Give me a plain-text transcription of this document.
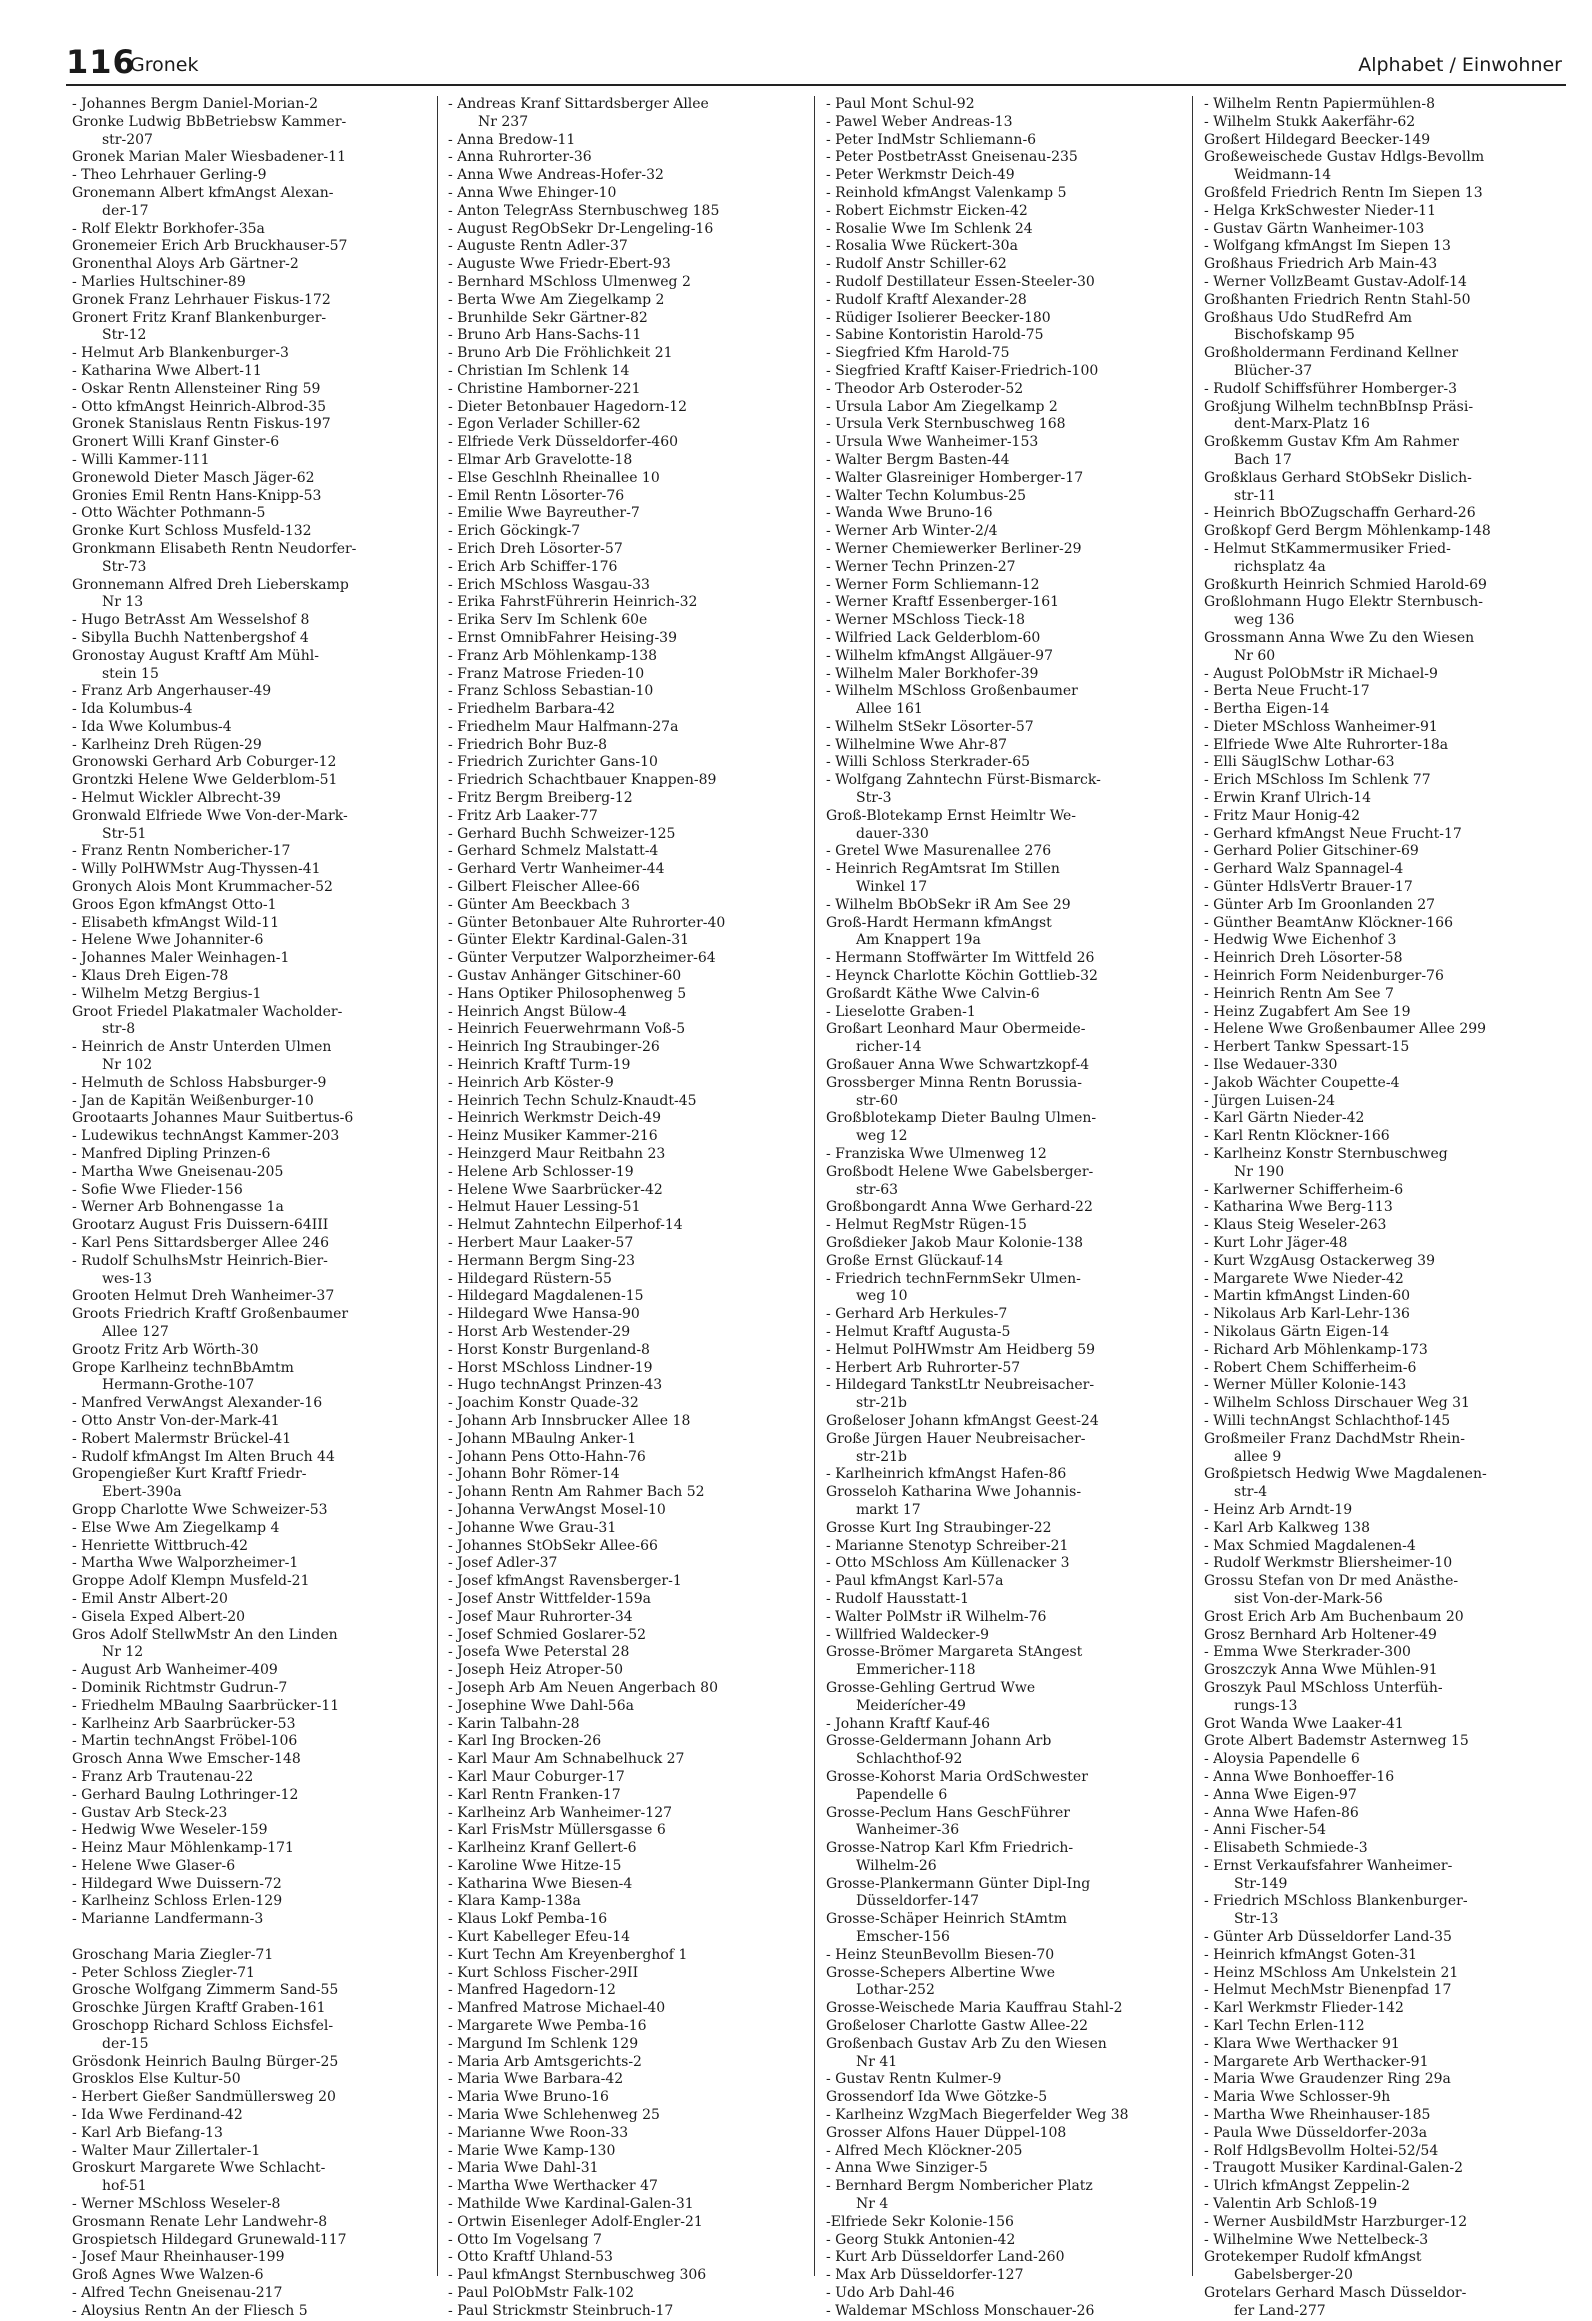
116
Gronek	Alphabet / Einwohner
- Johannes Bergm Daniel-Morian-2
Gronke Ludwig BbBetriebsw Kammer-
str-207
Gronek Marian Maler Wiesbadener-11
- Theo Lehrhauer Gerling-9
Gronemann Albert kfmAngst Alexan-
der-17
- Rolf Elektr Borkhofer-35a
Gronemeier Erich Arb Bruckhauser-57
Gronenthal Aloys Arb Gärtner-2
- Marlies Hultschiner-89
Gronek Franz Lehrhauer Fiskus-172
Gronert Fritz Kranf Blankenburger-
Str-12
- Helmut Arb Blankenburger-3
- Katharina Wwe Albert-11
- Oskar Rentn Allensteiner Ring 59
- Otto kfmAngst Heinrich-Albrod-35
Gronek Stanislaus Rentn Fiskus-197
Gronert Willi Kranf Ginster-6
- Willi Kammer-111
Gronewold Dieter Masch Jäger-62
Gronies Emil Rentn Hans-Knipp-53
- Otto Wächter Pothmann-5
Gronke Kurt Schloss Musfeld-132
Gronkmann Elisabeth Rentn Neudorfer-
Str-73
Gronnemann Alfred Dreh Lieberskamp
Nr 13
- Hugo BetrAsst Am Wesselshof 8
- Sibylla Buchh Nattenbergshof 4
Gronostay August Kraftf Am Mühl-
stein 15
- Franz Arb Angerhauser-49
- Ida Kolumbus-4
- Ida Wwe Kolumbus-4
- Karlheinz Dreh Rügen-29
Gronowski Gerhard Arb Coburger-12
Grontzki Helene Wwe Gelderblom-51
- Helmut Wickler Albrecht-39
Gronwald Elfriede Wwe Von-der-Mark-
Str-51
- Franz Rentn Nombericher-17
- Willy PolHWMstr Aug-Thyssen-41
Gronych Alois Mont Krummacher-52
Groos Egon kfmAngst Otto-1
- Elisabeth kfmAngst Wild-11
- Helene Wwe Johanniter-6
- Johannes Maler Weinhagen-1
- Klaus Dreh Eigen-78
- Wilhelm Metzg Bergius-1
Groot Friedel Plakatmaler Wacholder-
str-8
- Heinrich de Anstr Unterden Ulmen
Nr 102
- Helmuth de Schloss Habsburger-9
- Jan de Kapitän Weißenburger-10
Grootaarts Johannes Maur Suitbertus-6
- Ludewikus technAngst Kammer-203
- Manfred Dipling Prinzen-6
- Martha Wwe Gneisenau-205
- Sofie Wwe Flieder-156
- Werner Arb Bohnengasse 1a
Grootarz August Fris Duissern-64III
- Karl Pens Sittardsberger Allee 246
- Rudolf SchulhsMstr Heinrich-Bier-
wes-13
Grooten Helmut Dreh Wanheimer-37
Groots Friedrich Kraftf Großenbaumer
Allee 127
Grootz Fritz Arb Wörth-30
Grope Karlheinz technBbAmtm
Hermann-Grothe-107
- Manfred VerwAngst Alexander-16
- Otto Anstr Von-der-Mark-41
- Robert Malermstr Brückel-41
- Rudolf kfmAngst Im Alten Bruch 44
Gropengießer Kurt Kraftf Friedr-
Ebert-390a
Gropp Charlotte Wwe Schweizer-53
- Else Wwe Am Ziegelkamp 4
- Henriette Wittbruch-42
- Martha Wwe Walporzheimer-1
Groppe Adolf Klempn Musfeld-21
- Emil Anstr Albert-20
- Gisela Exped Albert-20
Gros Adolf StellwMstr An den Linden
Nr 12
- August Arb Wanheimer-409
- Dominik Richtmstr Gudrun-7
- Friedhelm MBaulng Saarbrücker-11
- Karlheinz Arb Saarbrücker-53
- Martin technAngst Fröbel-106
Grosch Anna Wwe Emscher-148
- Franz Arb Trautenau-22
- Gerhard Baulng Lothringer-12
- Gustav Arb Steck-23
- Hedwig Wwe Weseler-159
- Heinz Maur Möhlenkamp-171
- Helene Wwe Glaser-6
- Hildegard Wwe Duissern-72
- Karlheinz Schloss Erlen-129
- Marianne Landfermann-3
Groschang Maria Ziegler-71
- Peter Schloss Ziegler-71
Grosche Wolfgang Zimmerm Sand-55
Groschke Jürgen Kraftf Graben-161
Groschopp Richard Schloss Eichsfel-
der-15
Grösdonk Heinrich Baulng Bürger-25
Grosklos Else Kultur-50
- Herbert Gießer Sandmüllersweg 20
- Ida Wwe Ferdinand-42
- Karl Arb Biefang-13
- Walter Maur Zillertaler-1
Groskurt Margarete Wwe Schlacht-
hof-51
- Werner MSchloss Weseler-8
Grosmann Renate Lehr Landwehr-8
Grospietsch Hildegard Grunewald-117
- Josef Maur Rheinhauser-199
Groß Agnes Wwe Walzen-6
- Alfred Techn Gneisenau-217
- Aloysius Rentn An der Fliesch 5
- Andreas Kranf Sittardsberger Allee
Nr 237
- Anna Bredow-11
- Anna Ruhrorter-36
- Anna Wwe Andreas-Hofer-32
- Anna Wwe Ehinger-10
- Anton TelegrAss Sternbuschweg 185
- August RegObSekr Dr-Lengeling-16
- Auguste Rentn Adler-37
- Auguste Wwe Friedr-Ebert-93
- Bernhard MSchloss Ulmenweg 2
- Berta Wwe Am Ziegelkamp 2
- Brunhilde Sekr Gärtner-82
- Bruno Arb Hans-Sachs-11
- Bruno Arb Die Fröhlichkeit 21
- Christian Im Schlenk 14
- Christine Hamborner-221
- Dieter Betonbauer Hagedorn-12
- Egon Verlader Schiller-62
- Elfriede Verk Düsseldorfer-460
- Elmar Arb Gravelotte-18
- Else Geschlnh Rheinallee 10
- Emil Rentn Lösorter-76
- Emilie Wwe Bayreuther-7
- Erich Göckingk-7
- Erich Dreh Lösorter-57
- Erich Arb Schiffer-176
- Erich MSchloss Wasgau-33
- Erika FahrstFührerin Heinrich-32
- Erika Serv Im Schlenk 60e
- Ernst OmnibFahrer Heising-39
- Franz Arb Möhlenkamp-138
- Franz Matrose Frieden-10
- Franz Schloss Sebastian-10
- Friedhelm Barbara-42
- Friedhelm Maur Halfmann-27a
- Friedrich Bohr Buz-8
- Friedrich Zurichter Gans-10
- Friedrich Schachtbauer Knappen-89
- Fritz Bergm Breiberg-12
- Fritz Arb Laaker-77
- Gerhard Buchh Schweizer-125
- Gerhard Schmelz Malstatt-4
- Gerhard Vertr Wanheimer-44
- Gilbert Fleischer Allee-66
- Günter Am Beeckbach 3
- Günter Betonbauer Alte Ruhrorter-40
- Günter Elektr Kardinal-Galen-31
- Günter Verputzer Walporzheimer-64
- Gustav Anhänger Gitschiner-60
- Hans Optiker Philosophenweg 5
- Heinrich Angst Bülow-4
- Heinrich Feuerwehrmann Voß-5
- Heinrich Ing Straubinger-26
- Heinrich Kraftf Turm-19
- Heinrich Arb Köster-9
- Heinrich Techn Schulz-Knaudt-45
- Heinrich Werkmstr Deich-49
- Heinz Musiker Kammer-216
- Heinzgerd Maur Reitbahn 23
- Helene Arb Schlosser-19
- Helene Wwe Saarbrücker-42
- Helmut Hauer Lessing-51
- Helmut Zahntechn Eilperhof-14
- Herbert Maur Laaker-57
- Hermann Bergm Sing-23
- Hildegard Rüstern-55
- Hildegard Magdalenen-15
- Hildegard Wwe Hansa-90
- Horst Arb Westender-29
- Horst Konstr Burgenland-8
- Horst MSchloss Lindner-19
- Hugo technAngst Prinzen-43
- Joachim Konstr Quade-32
- Johann Arb Innsbrucker Allee 18
- Johann MBaulng Anker-1
- Johann Pens Otto-Hahn-76
- Johann Bohr Römer-14
- Johann Rentn Am Rahmer Bach 52
- Johanna VerwAngst Mosel-10
- Johanne Wwe Grau-31
- Johannes StObSekr Allee-66
- Josef Adler-37
- Josef kfmAngst Ravensberger-1
- Josef Anstr Wittfelder-159a
- Josef Maur Ruhrorter-34
- Josef Schmied Goslarer-52
- Josefa Wwe Peterstal 28
- Joseph Heiz Atroper-50
- Joseph Arb Am Neuen Angerbach 80
- Josephine Wwe Dahl-56a
- Karin Talbahn-28
- Karl Ing Brocken-26
- Karl Maur Am Schnabelhuck 27
- Karl Maur Coburger-17
- Karl Rentn Franken-17
- Karlheinz Arb Wanheimer-127
- Karl FrisMstr Müllersgasse 6
- Karlheinz Kranf Gellert-6
- Karoline Wwe Hitze-15
- Katharina Wwe Biesen-4
- Klara Kamp-138a
- Klaus Lokf Pemba-16
- Kurt Kabelleger Efeu-14
- Kurt Techn Am Kreyenberghof 1
- Kurt Schloss Fischer-29II
- Manfred Hagedorn-12
- Manfred Matrose Michael-40
- Margarete Wwe Pemba-16
- Margund Im Schlenk 129
- Maria Arb Amtsgerichts-2
- Maria Wwe Barbara-42
- Maria Wwe Bruno-16
- Maria Wwe Schlehenweg 25
- Marianne Wwe Roon-33
- Marie Wwe Kamp-130
- Maria Wwe Dahl-31
- Martha Wwe Werthacker 47
- Mathilde Wwe Kardinal-Galen-31
- Ortwin Eisenleger Adolf-Engler-21
- Otto Im Vogelsang 7
- Otto Kraftf Uhland-53
- Paul kfmAngst Sternbuschweg 306
- Paul PolObMstr Falk-102
- Paul Strickmstr Steinbruch-17
- Paul Mont Schul-92
- Pawel Weber Andreas-13
- Peter IndMstr Schliemann-6
- Peter PostbetrAsst Gneisenau-235
- Peter Werkmstr Deich-49
- Reinhold kfmAngst Valenkamp 5
- Robert Eichmstr Eicken-42
- Rosalie Wwe Im Schlenk 24
- Rosalia Wwe Rückert-30a
- Rudolf Anstr Schiller-62
- Rudolf Destillateur Essen-Steeler-30
- Rudolf Kraftf Alexander-28
- Rüdiger Isolierer Beecker-180
- Sabine Kontoristin Harold-75
- Siegfried Kfm Harold-75
- Siegfried Kraftf Kaiser-Friedrich-100
- Theodor Arb Osteroder-52
- Ursula Labor Am Ziegelkamp 2
- Ursula Verk Sternbuschweg 168
- Ursula Wwe Wanheimer-153
- Walter Bergm Basten-44
- Walter Glasreiniger Homberger-17
- Walter Techn Kolumbus-25
- Wanda Wwe Bruno-16
- Werner Arb Winter-2/4
- Werner Chemiewerker Berliner-29
- Werner Techn Prinzen-27
- Werner Form Schliemann-12
- Werner Kraftf Essenberger-161
- Werner MSchloss Tieck-18
- Wilfried Lack Gelderblom-60
- Wilhelm kfmAngst Allgäuer-97
- Wilhelm Maler Borkhofer-39
- Wilhelm MSchloss Großenbaumer
Allee 161
- Wilhelm StSekr Lösorter-57
- Wilhelmine Wwe Ahr-87
- Willi Schloss Sterkrader-65
- Wolfgang Zahntechn Fürst-Bismarck-
Str-3
Groß-Blotekamp Ernst Heimltr We-
dauer-330
- Gretel Wwe Masurenallee 276
- Heinrich RegAmtsrat Im Stillen
Winkel 17
- Wilhelm BbObSekr iR Am See 29
Groß-Hardt Hermann kfmAngst
Am Knappert 19a
- Hermann Stoffwärter Im Wittfeld 26
- Heynck Charlotte Köchin Gottlieb-32
Großardt Käthe Wwe Calvin-6
- Lieselotte Graben-1
Großart Leonhard Maur Obermeide-
richer-14
Großauer Anna Wwe Schwartzkopf-4
Grossberger Minna Rentn Borussia-
str-60
Großblotekamp Dieter Baulng Ulmen-
weg 12
- Franziska Wwe Ulmenweg 12
Großbodt Helene Wwe Gabelsberger-
str-63
Großbongardt Anna Wwe Gerhard-22
- Helmut RegMstr Rügen-15
Großdieker Jakob Maur Kolonie-138
Große Ernst Glückauf-14
- Friedrich technFernmSekr Ulmen-
weg 10
- Gerhard Arb Herkules-7
- Helmut Kraftf Augusta-5
- Helmut PolHWmstr Am Heidberg 59
- Herbert Arb Ruhrorter-57
- Hildegard TankstLtr Neubreisacher-
str-21b
Großeloser Johann kfmAngst Geest-24
Große Jürgen Hauer Neubreisacher-
str-21b
- Karlheinrich kfmAngst Hafen-86
Grosseloh Katharina Wwe Johannis-
markt 17
Grosse Kurt Ing Straubinger-22
- Marianne Stenotyp Schreiber-21
- Otto MSchloss Am Küllenacker 3
- Paul kfmAngst Karl-57a
- Rudolf Hausstatt-1
- Walter PolMstr iR Wilhelm-76
- Willfried Waldecker-9
Grosse-Brömer Margareta StAngest
Emmericher-118
Grosse-Gehling Gertrud Wwe
Meiderícher-49
- Johann Kraftf Kauf-46
Grosse-Geldermann Johann Arb
Schlachthof-92
Grosse-Kohorst Maria OrdSchwester
Papendelle 6
Grosse-Peclum Hans GeschFührer
Wanheimer-36
Grosse-Natrop Karl Kfm Friedrich-
Wilhelm-26
Grosse-Plankermann Günter Dipl-Ing
Düsseldorfer-147
Grosse-Schäper Heinrich StAmtm
Emscher-156
- Heinz SteunBevollm Biesen-70
Grosse-Schepers Albertine Wwe
Lothar-252
Grosse-Weischede Maria Kauffrau Stahl-2
Großeloser Charlotte Gastw Allee-22
Großenbach Gustav Arb Zu den Wiesen
Nr 41
- Gustav Rentn Kulmer-9
Grossendorf Ida Wwe Götzke-5
- Karlheinz WzgMach Biegerfelder Weg 38
Grosser Alfons Hauer Düppel-108
- Alfred Mech Klöckner-205
- Anna Wwe Sinziger-5
- Bernhard Bergm Nombericher Platz
Nr 4
-Elfriede Sekr Kolonie-156
- Georg Stukk Antonien-42
- Kurt Arb Düsseldorfer Land-260
- Max Arb Düsseldorfer-127
- Udo Arb Dahl-46
- Waldemar MSchloss Monschauer-26
- Wilhelm Rentn Papiermühlen-8
- Wilhelm Stukk Aakerfähr-62
Großert Hildegard Beecker-149
Großeweischede Gustav Hdlgs-Bevollm
Weidmann-14
Großfeld Friedrich Rentn Im Siepen 13
- Helga KrkSchwester Nieder-11
- Gustav Gärtn Wanheimer-103
- Wolfgang kfmAngst Im Siepen 13
Großhaus Friedrich Arb Main-43
- Werner VollzBeamt Gustav-Adolf-14
Großhanten Friedrich Rentn Stahl-50
Großhaus Udo StudRefrd Am
Bischofskamp 95
Großholdermann Ferdinand Kellner
Blücher-37
- Rudolf Schiffsführer Homberger-3
Großjung Wilhelm technBbInsp Präsi-
dent-Marx-Platz 16
Großkemm Gustav Kfm Am Rahmer
Bach 17
Großklaus Gerhard StObSekr Dislich-
str-11
- Heinrich BbOZugschaffn Gerhard-26
Großkopf Gerd Bergm Möhlenkamp-148
- Helmut StKammermusiker Fried-
richsplatz 4a
Großkurth Heinrich Schmied Harold-69
Großlohmann Hugo Elektr Sternbusch-
weg 136
Grossmann Anna Wwe Zu den Wiesen
Nr 60
- August PolObMstr iR Michael-9
- Berta Neue Frucht-17
- Bertha Eigen-14
- Dieter MSchloss Wanheimer-91
- Elfriede Wwe Alte Ruhrorter-18a
- Elli SäuglSchw Lothar-63
- Erich MSchloss Im Schlenk 77
- Erwin Kranf Ulrich-14
- Fritz Maur Honig-42
- Gerhard kfmAngst Neue Frucht-17
- Gerhard Polier Gitschiner-69
- Gerhard Walz Spannagel-4
- Günter HdlsVertr Brauer-17
- Günter Arb Im Groonlanden 27
- Günther BeamtAnw Klöckner-166
- Hedwig Wwe Eichenhof 3
- Heinrich Dreh Lösorter-58
- Heinrich Form Neidenburger-76
- Heinrich Rentn Am See 7
- Heinz Zugabfert Am See 19
- Helene Wwe Großenbaumer Allee 299
- Herbert Tankw Spessart-15
- Ilse Wedauer-330
- Jakob Wächter Coupette-4
- Jürgen Luisen-24
- Karl Gärtn Nieder-42
- Karl Rentn Klöckner-166
- Karlheinz Konstr Sternbuschweg
Nr 190
- Karlwerner Schifferheim-6
- Katharina Wwe Berg-113
- Klaus Steig Weseler-263
- Kurt Lohr Jäger-48
- Kurt WzgAusg Ostackerweg 39
- Margarete Wwe Nieder-42
- Martin kfmAngst Linden-60
- Nikolaus Arb Karl-Lehr-136
- Nikolaus Gärtn Eigen-14
- Richard Arb Möhlenkamp-173
- Robert Chem Schifferheim-6
- Werner Müller Kolonie-143
- Wilhelm Schloss Dirschauer Weg 31
- Willi technAngst Schlachthof-145
Großmeiler Franz DachdMstr Rhein-
allee 9
Großpietsch Hedwig Wwe Magdalenen-
str-4
- Heinz Arb Arndt-19
- Karl Arb Kalkweg 138
- Max Schmied Magdalenen-4
- Rudolf Werkmstr Bliersheimer-10
Grossu Stefan von Dr med Anästhe-
sist Von-der-Mark-56
Grost Erich Arb Am Buchenbaum 20
Grosz Bernhard Arb Holtener-49
- Emma Wwe Sterkrader-300
Groszczyk Anna Wwe Mühlen-91
Groszyk Paul MSchloss Unterfüh-
rungs-13
Grot Wanda Wwe Laaker-41
Grote Albert Bademstr Asternweg 15
- Aloysia Papendelle 6
- Anna Wwe Bonhoeffer-16
- Anna Wwe Eigen-97
- Anna Wwe Hafen-86
- Anni Fischer-54
- Elisabeth Schmiede-3
- Ernst Verkaufsfahrer Wanheimer-
Str-149
- Friedrich MSchloss Blankenburger-
Str-13
- Günter Arb Düsseldorfer Land-35
- Heinrich kfmAngst Goten-31
- Heinz MSchloss Am Unkelstein 21
- Helmut MechMstr Bienenpfad 17
- Karl Werkmstr Flieder-142
- Karl Techn Erlen-112
- Klara Wwe Werthacker 91
- Margarete Arb Werthacker-91
- Maria Wwe Graudenzer Ring 29a
- Maria Wwe Schlosser-9h
- Martha Wwe Rheinhauser-185
- Paula Wwe Düsseldorfer-203a
- Rolf HdlgsBevollm Holtei-52/54
- Traugott Musiker Kardinal-Galen-2
- Ulrich kfmAngst Zeppelin-2
- Valentin Arb Schloß-19
- Werner AusbildMstr Harzburger-12
- Wilhelmine Wwe Nettelbeck-3
Grotekemper Rudolf kfmAngst
Gabelsberger-20
Grotelars Gerhard Masch Düsseldor-
fer Land-277
